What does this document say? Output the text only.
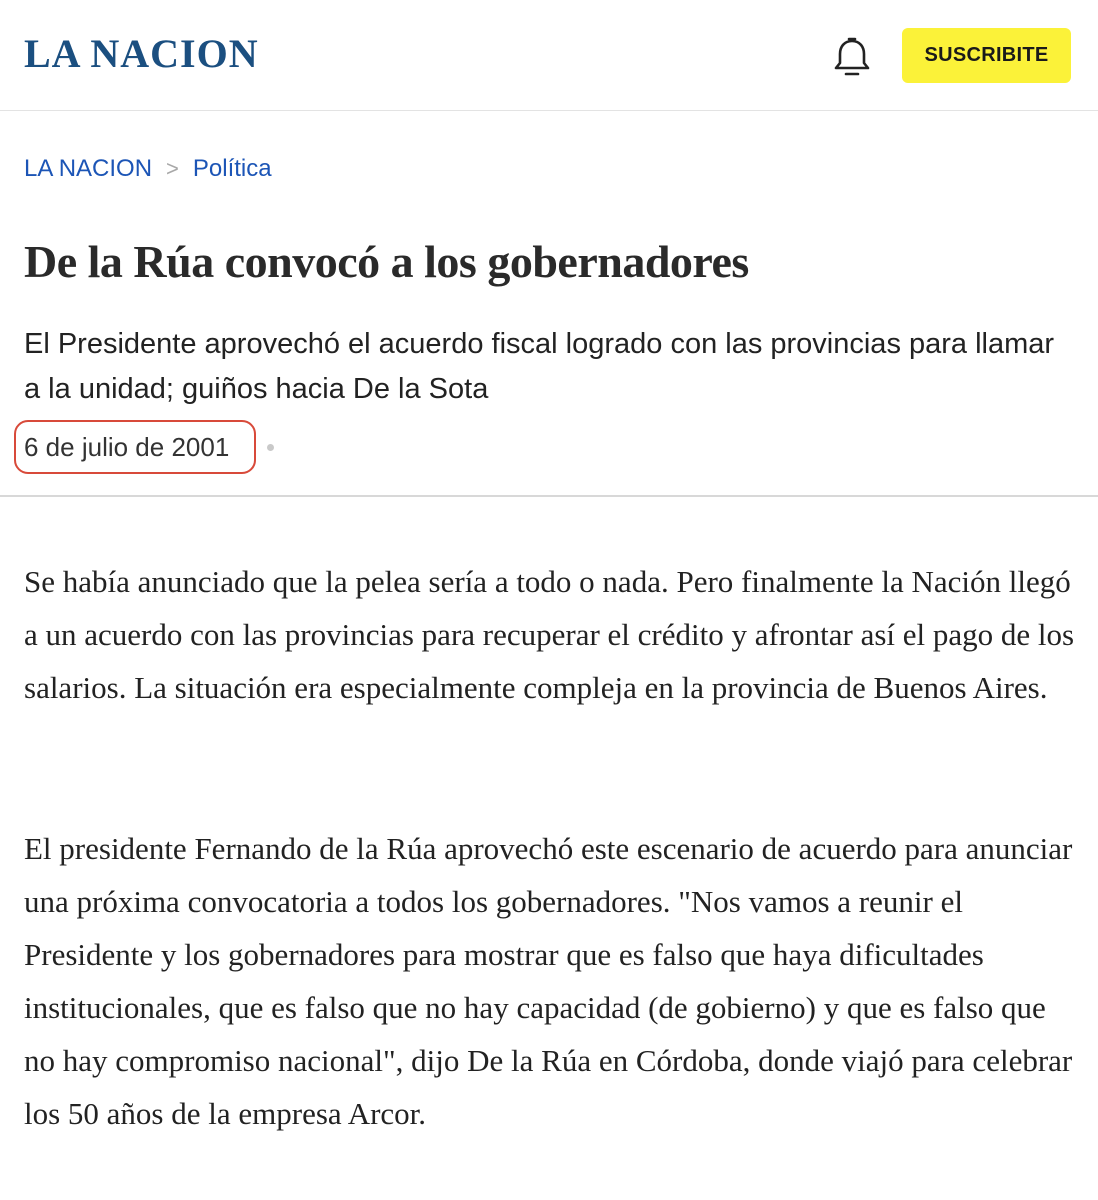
LA NACION	SUSCRIBITE
LA NACION > Política
De la Rúa convocó a los gobernadores

El Presidente aprovechó el acuerdo fiscal logrado con las provincias para llamar a la unidad; guiños hacia De la Sota

6 de julio de 2001

Se había anunciado que la pelea sería a todo o nada. Pero finalmente la Nación llegó a un acuerdo con las provincias para recuperar el crédito y afrontar así el pago de los salarios. La situación era especialmente compleja en la provincia de Buenos Aires.

El presidente Fernando de la Rúa aprovechó este escenario de acuerdo para anunciar una próxima convocatoria a todos los gobernadores. "Nos vamos a reunir el Presidente y los gobernadores para mostrar que es falso que haya dificultades institucionales, que es falso que no hay capacidad (de gobierno) y que es falso que no hay compromiso nacional", dijo De la Rúa en Córdoba, donde viajó para celebrar los 50 años de la empresa Arcor.
